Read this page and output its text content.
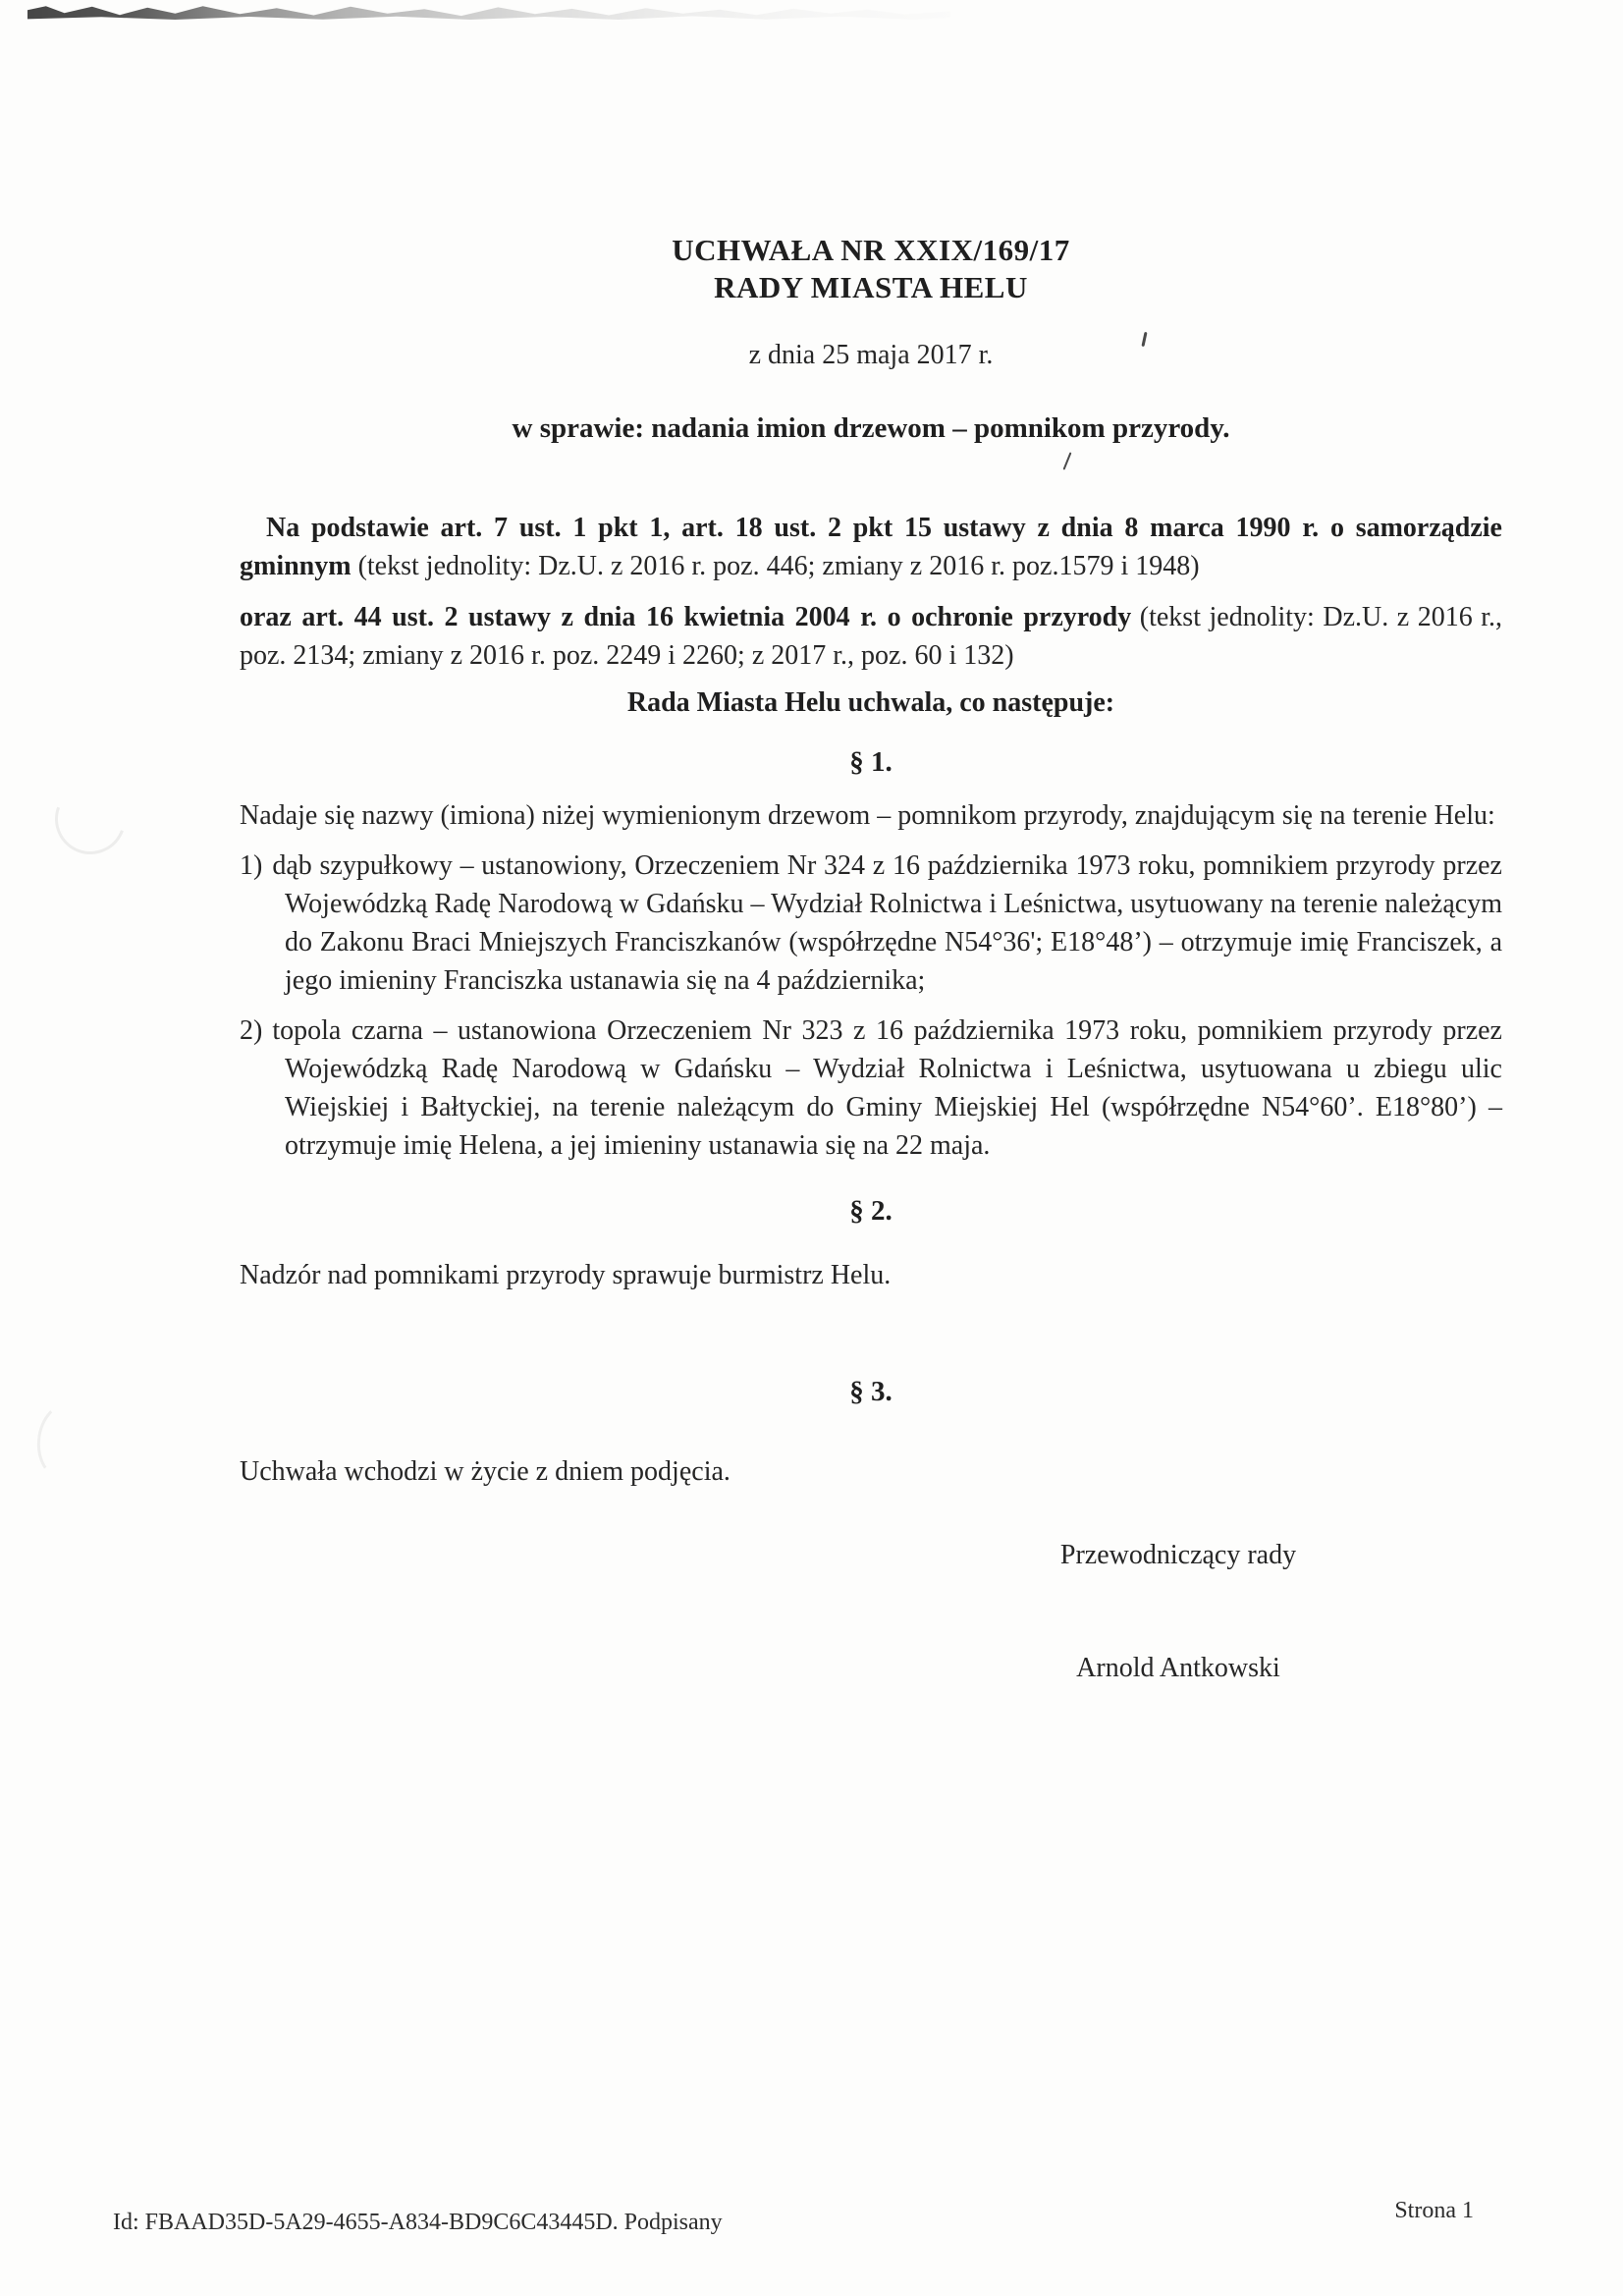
UCHWAŁA NR XXIX/169/17
RADY MIASTA HELU
z dnia 25 maja 2017 r.
w sprawie: nadania imion drzewom – pomnikom przyrody.

Na podstawie art. 7 ust. 1 pkt 1, art. 18 ust. 2 pkt 15 ustawy z dnia 8 marca 1990 r. o samorządzie gminnym (tekst jednolity: Dz.U. z 2016 r. poz. 446; zmiany z 2016 r. poz.1579 i 1948)

oraz art. 44 ust. 2 ustawy z dnia 16 kwietnia 2004 r. o ochronie przyrody (tekst jednolity: Dz.U. z 2016 r., poz. 2134; zmiany z 2016 r. poz. 2249 i 2260; z 2017 r., poz. 60 i 132)

Rada Miasta Helu uchwala, co następuje:
§ 1.

Nadaje się nazwy (imiona) niżej wymienionym drzewom – pomnikom przyrody, znajdującym się na terenie Helu:

1) dąb szypułkowy – ustanowiony, Orzeczeniem Nr 324 z 16 października 1973 roku, pomnikiem przyrody przez Wojewódzką Radę Narodową w Gdańsku – Wydział Rolnictwa i Leśnictwa, usytuowany na terenie należącym do Zakonu Braci Mniejszych Franciszkanów (współrzędne N54°36'; E18°48’) – otrzymuje imię Franciszek, a jego imieniny Franciszka ustanawia się na 4 października;

2) topola czarna – ustanowiona Orzeczeniem Nr 323 z 16 października 1973 roku, pomnikiem przyrody przez Wojewódzką Radę Narodową w Gdańsku – Wydział Rolnictwa i Leśnictwa, usytuowana u zbiegu ulic Wiejskiej i Bałtyckiej, na terenie należącym do Gminy Miejskiej Hel (współrzędne N54°60’. E18°80’) – otrzymuje imię Helena, a jej imieniny ustanawia się na 22 maja.

§ 2.

Nadzór nad pomnikami przyrody sprawuje burmistrz Helu.

§ 3.

Uchwała wchodzi w życie z dniem podjęcia.

Przewodniczący rady
Arnold Antkowski
Id: FBAAD35D-5A29-4655-A834-BD9C6C43445D. Podpisany	Strona 1
